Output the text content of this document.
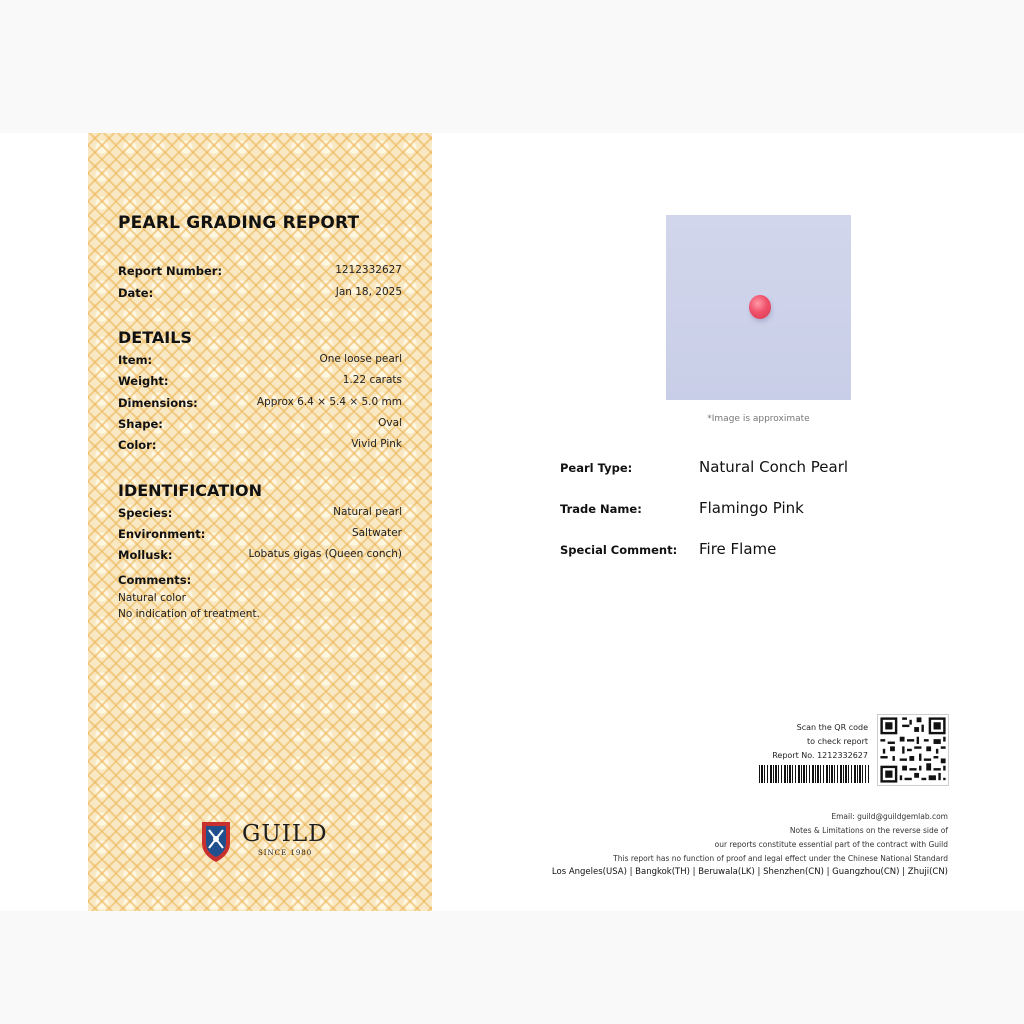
PEARL GRADING REPORT
Report Number:	1212332627
Date:	Jan 18, 2025
DETAILS
Item:	One loose pearl
Weight:	1.22 carats
Dimensions:	Approx 6.4 × 5.4 × 5.0 mm
Shape:	Oval
Color:	Vivid Pink
IDENTIFICATION
Species:	Natural pearl
Environment:	Saltwater
Mollusk:	Lobatus gigas (Queen conch)
Comments:
Natural color
No indication of treatment.
GUILD
SINCE 1980
*Image is approximate
Pearl Type:	Natural Conch Pearl
Trade Name:	Flamingo Pink
Special Comment: Fire Flame
Scan the QR code
to check report
Report No. 1212332627
Email: guild@guildgemlab.com
Notes & Limitations on the reverse side of
our reports constitute essential part of the contract with Guild
This report has no function of proof and legal effect under the Chinese National Standard
Los Angeles(USA) | Bangkok(TH) | Beruwala(LK) | Shenzhen(CN) | Guangzhou(CN) | Zhuji(CN)
